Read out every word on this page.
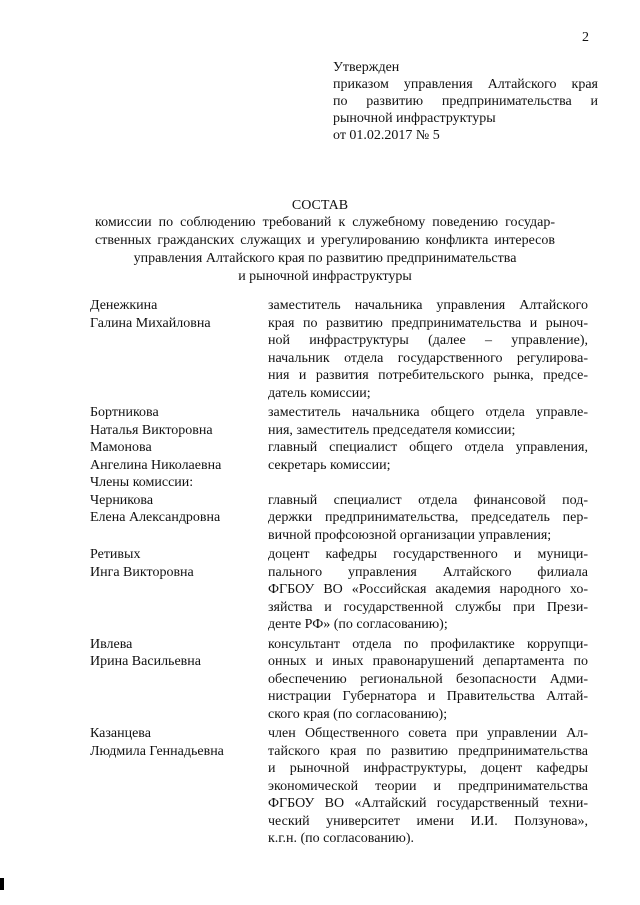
2
Утвержден
приказом управления Алтайского края
по развитию предпринимательства и
рыночной инфраструктуры
от 01.02.2017 № 5
СОСТАВ
комиссии по соблюдению требований к служебному поведению государ-
ственных гражданских служащих и урегулированию конфликта интересов
управления Алтайского края по развитию предпринимательства
и рыночной инфраструктуры
Денежкина
Галина Михайловна
заместитель начальника управления Алтайского
края по развитию предпринимательства и рыноч-
ной инфраструктуры (далее – управление),
начальник отдела государственного регулирова-
ния и развития потребительского рынка, предсе-
датель комиссии;
Бортникова
Наталья Викторовна
заместитель начальника общего отдела управле-
ния, заместитель председателя комиссии;
Мамонова
Ангелина Николаевна
Члены комиссии:
главный специалист общего отдела управления,
секретарь комиссии;
Черникова
Елена Александровна
главный специалист отдела финансовой под-
держки предпринимательства, председатель пер-
вичной профсоюзной организации управления;
Ретивых
Инга Викторовна
доцент кафедры государственного и муници-
пального управления Алтайского филиала
ФГБОУ ВО «Российская академия народного хо-
зяйства и государственной службы при Прези-
денте РФ» (по согласованию);
Ивлева
Ирина Васильевна
консультант отдела по профилактике коррупци-
онных и иных правонарушений департамента по
обеспечению региональной безопасности Адми-
нистрации Губернатора и Правительства Алтай-
ского края (по согласованию);
Казанцева
Людмила Геннадьевна
член Общественного совета при управлении Ал-
тайского края по развитию предпринимательства
и рыночной инфраструктуры, доцент кафедры
экономической теории и предпринимательства
ФГБОУ ВО «Алтайский государственный техни-
ческий университет имени И.И. Ползунова»,
к.г.н. (по согласованию).
